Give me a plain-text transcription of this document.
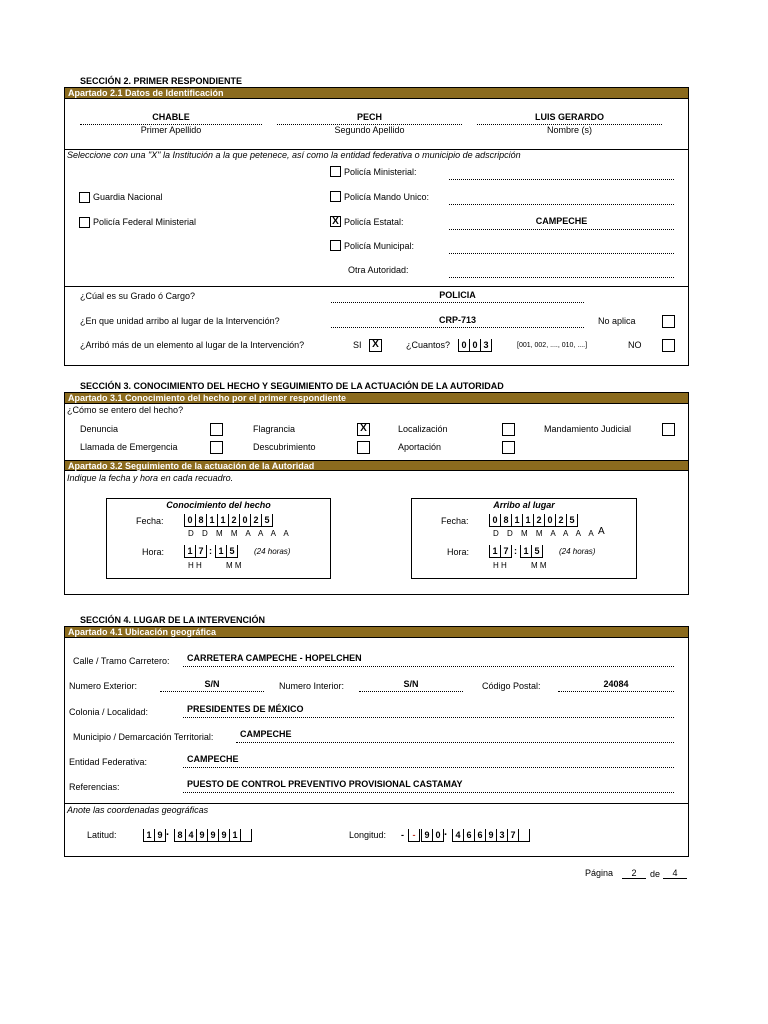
SECCIÓN 2. PRIMER RESPONDIENTE
Apartado 2.1 Datos de Identificación
CHABLE
Primer Apellido
PECH
Segundo Apellido
LUIS GERARDO
Nombre (s)
Seleccione con una "X" la Institución a la que petenece, así como la entidad federativa o municipio de adscripción
Policía Ministerial:
Guardia Nacional	Policía Mando Unico:
Policía Federal Ministerial	X Policía Estatal:	CAMPECHE
Policía Municipal:
Otra Autoridad:
¿Cúal es su Grado ó Cargo?	POLICIA
¿En que unidad arribo al lugar de la Intervención?	CRP-713	No aplica
¿Arribó más de un elemento al lugar de la Intervención?	SI	X	¿Cuantos? 0 0 3	[001, 002, ...., 010, ....]	NO
SECCIÓN 3. CONOCIMIENTO DEL HECHO Y SEGUIMIENTO DE LA ACTUACIÓN DE LA AUTORIDAD
Apartado 3.1 Conocimiento del hecho por el primer respondiente
¿Cómo se entero del hecho?
Denuncia	Flagrancia	X	Localización	Mandamiento Judicial
Llamada de Emergencia	Descubrimiento	Aportación
Apartado 3.2 Seguimiento de la actuación de la Autoridad
Indique la fecha y hora en cada recuadro.
Conocimiento del hecho
Fecha:	0 8 1 1 2 0 2 5
D D M M A A A A
Hora:	1 7 : 1 5	(24 horas)
H H	M M
Arribo al lugar
Fecha:	0 8 1 1 2 0 2 5
D D M M A A A A A
Hora:	1 7 : 1 5	(24 horas)
H H	M M
SECCIÓN 4. LUGAR DE LA INTERVENCIÓN
Apartado 4.1 Ubicación geográfica
Calle / Tramo Carretero: CARRETERA CAMPECHE - HOPELCHEN
Numero Exterior:	S/N	Numero Interior:	S/N	Código Postal:	24084
Colonia / Localidad:	PRESIDENTES DE MÉXICO
Municipio / Demarcación Territorial:	CAMPECHE
Entidad Federativa:	CAMPECHE
Referencias:	PUESTO DE CONTROL PREVENTIVO PROVISIONAL CASTAMAY
Anote las coordenadas geográficas
Latitud:	1 9 · 8 4 9 9 9 1	Longitud: - - 9 0 · 4 6 6 9 3 7
Página	2	de	4
